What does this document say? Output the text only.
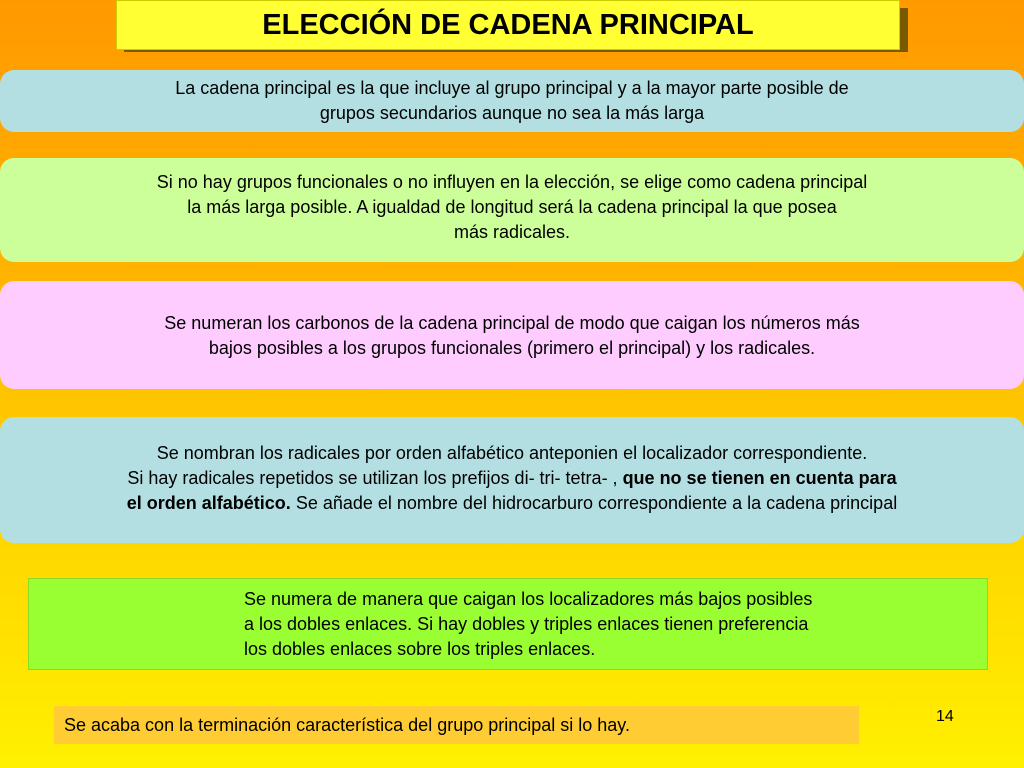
ELECCIÓN DE CADENA PRINCIPAL
La cadena principal es la que incluye al grupo principal y a la mayor parte posible de
grupos secundarios aunque no sea la más larga
Si no hay grupos funcionales o no influyen en la elección, se elige como cadena principal
la más larga posible. A igualdad de longitud será la cadena principal la que posea
más radicales.
Se numeran los carbonos de la cadena principal de modo que caigan los números más
bajos posibles a los grupos funcionales (primero el principal) y los radicales.
Se nombran los radicales por orden alfabético anteponien el localizador correspondiente.
Si hay radicales repetidos se utilizan los prefijos di- tri- tetra- , que no se tienen en cuenta para
el orden alfabético. Se añade el nombre del hidrocarburo correspondiente a la cadena principal
Se numera de manera que caigan los localizadores más bajos posibles
a los dobles enlaces. Si hay dobles y triples enlaces tienen preferencia
los dobles enlaces sobre los triples enlaces.
Se acaba con la terminación característica del grupo principal si lo hay.	14
